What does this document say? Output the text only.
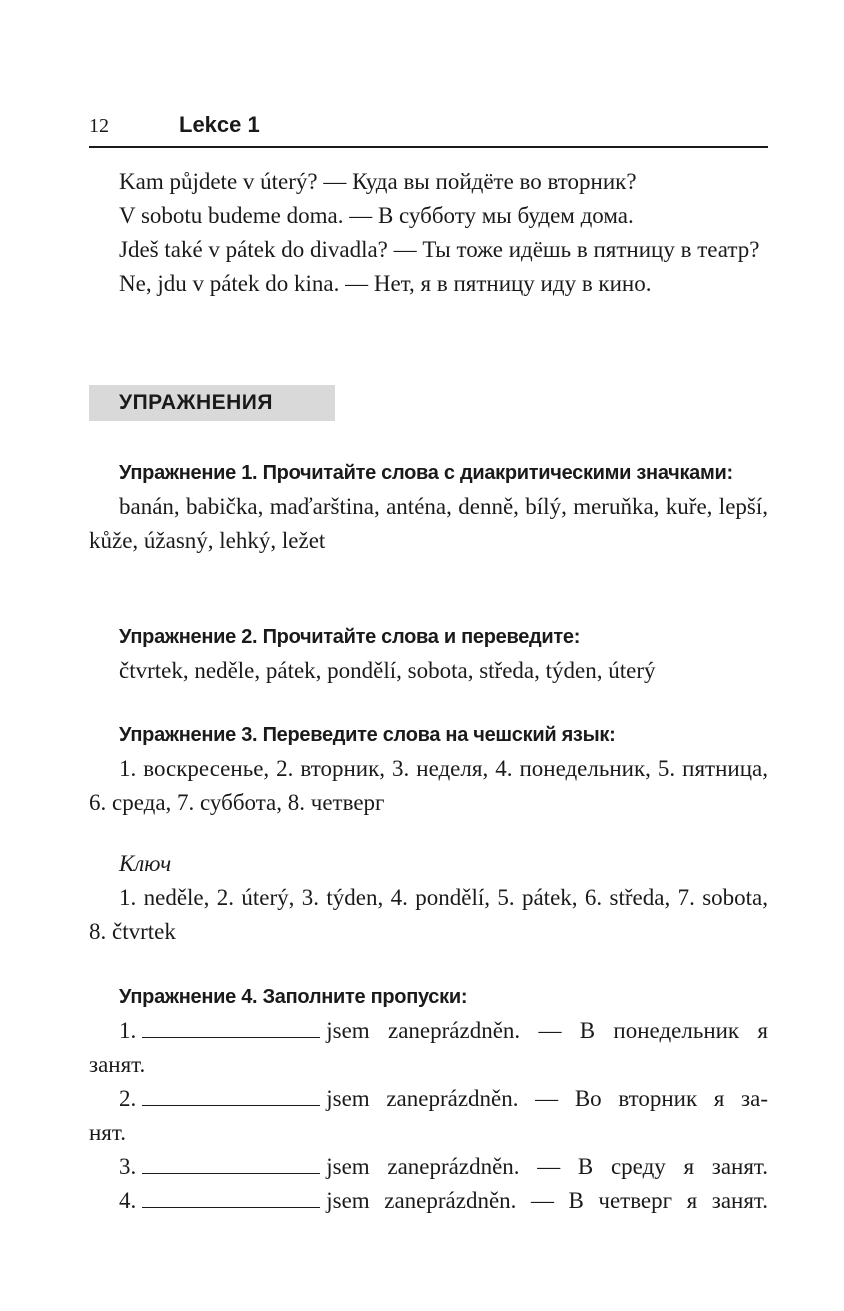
12	Lekce 1

Kam půjdete v úterý? — Куда вы пойдёте во вторник?

V sobotu budeme doma. — В субботу мы будем дома.

Jdeš také v pátek do divadla? — Ты тоже идёшь в пятницу в театр?

Ne, jdu v pátek do kina. — Нет, я в пятницу иду в кино.

УПРАЖНЕНИЯ

Упражнение 1. Прочитайте слова с диакритическими значками:

banán, babička, maďarština, anténa, denně, bílý, meruňka, kuře, lepší, kůže, úžasný, lehký, ležet

Упражнение 2. Прочитайте слова и переведите:

čtvrtek, neděle, pátek, pondělí, sobota, středa, týden, úterý

Упражнение 3. Переведите слова на чешский язык:

1. воскресенье, 2. вторник, 3. неделя, 4. понедельник, 5. пятница, 6. среда, 7. суббота, 8. четверг

Ключ

1. neděle, 2. úterý, 3. týden, 4. pondělí, 5. pátek, 6. středa, 7. sobota, 8. čtvrtek

Упражнение 4. Заполните пропуски:

1.	jsem zaneprázdněn. — В понедельник я

занят.

2.	jsem zaneprázdněn. — Во вторник я за-

нят.

3.	jsem zaneprázdněn. — В среду я занят.
4.	jsem zaneprázdněn. — В четверг я занят.
